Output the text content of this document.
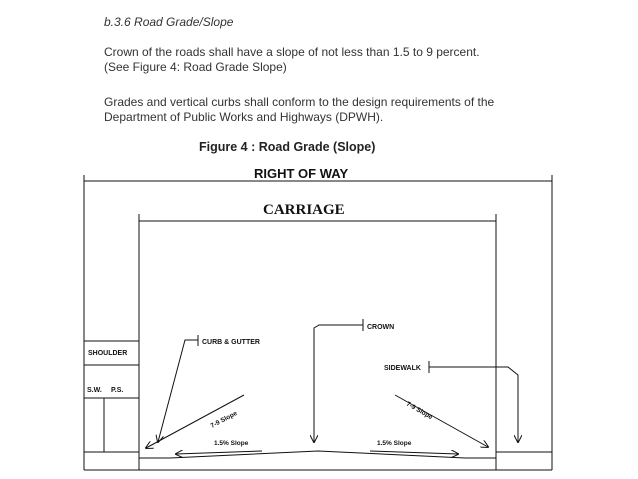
b.3.6 Road Grade/Slope
Crown of the roads shall have a slope of not less than 1.5 to 9 percent.
(See Figure 4: Road Grade Slope)
Grades and vertical curbs shall conform to the design requirements of the
Department of Public Works and Highways (DPWH).
Figure 4 : Road Grade (Slope)
RIGHT OF WAY
CARRIAGE
CROWN
CURB & GUTTER
SHOULDER
SIDEWALK
S.W. P.S.
7-9 Slope	7-9 Slope
1.5% Slope	1.5% Slope
